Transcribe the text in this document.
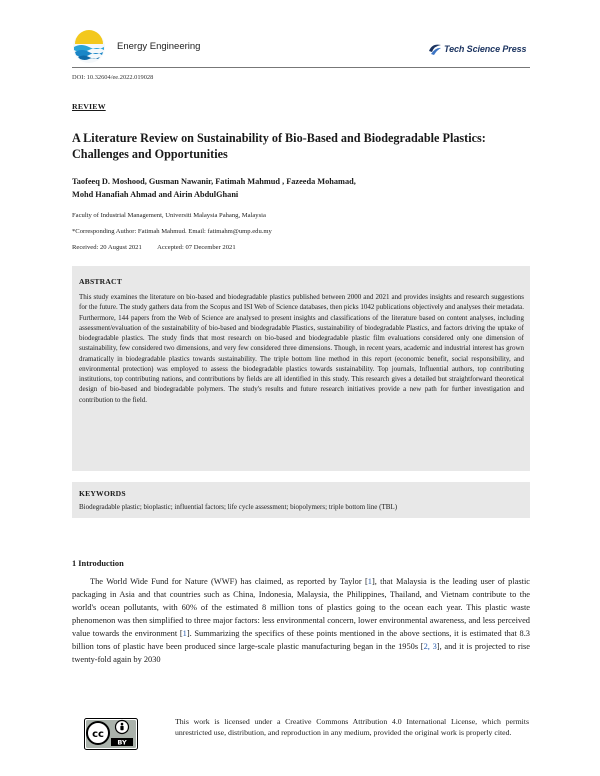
Energy Engineering	Tech Science Press
DOI: 10.32604/ee.2022.019028
REVIEW
A Literature Review on Sustainability of Bio-Based and Biodegradable Plastics: Challenges and Opportunities
Taofeeq D. Moshood, Gusman Nawanir, Fatimah Mahmud , Fazeeda Mohamad,
Mohd Hanafiah Ahmad and Airin AbdulGhani
Faculty of Industrial Management, Universiti Malaysia Pahang, Malaysia
*Corresponding Author: Fatimah Mahmud. Email: fatimahm@ump.edu.my
Received: 20 August 2021 Accepted: 07 December 2021
ABSTRACT
This study examines the literature on bio-based and biodegradable plastics published between 2000 and 2021 and provides insights and research suggestions for the future. The study gathers data from the Scopus and ISI Web of Science databases, then picks 1042 publications objectively and analyses their metadata. Furthermore, 144 papers from the Web of Science are analysed to present insights and classifications of the literature based on content analyses, including assessment/evaluation of the sustainability of bio-based and biodegradable Plastics, sustainability of biodegradable Plastics, and factors driving the uptake of biodegradable plastics. The study finds that most research on bio-based and biodegradable plastic film evaluations considered only one dimension of sustainability, few considered two dimensions, and very few considered three dimensions. Though, in recent years, academic and industrial interest has grown dramatically in biodegradable plastics towards sustainability. The triple bottom line method in this report (economic benefit, social responsibility, and environmental protection) was employed to assess the biodegradable plastics towards sustainability. Top journals, Influential authors, top contributing institutions, top contributing nations, and contributions by fields are all identified in this study. This research gives a detailed but straightforward theoretical design of bio-based and biodegradable polymers. The study's results and future research initiatives provide a new path for further investigation and contribution to the field.
KEYWORDS
Biodegradable plastic; bioplastic; influential factors; life cycle assessment; biopolymers; triple bottom line (TBL)
1 Introduction

The World Wide Fund for Nature (WWF) has claimed, as reported by Taylor [1], that Malaysia is the leading user of plastic packaging in Asia and that countries such as China, Indonesia, Malaysia, the Philippines, Thailand, and Vietnam contribute to the world's ocean pollutants, with 60% of the estimated 8 million tons of plastics going to the ocean each year. This plastic waste phenomenon was then simplified to three major factors: less environmental concern, lower environmental awareness, and less perceived value towards the environment [1]. Summarizing the specifics of these points mentioned in the above sections, it is estimated that 8.3 billion tons of plastic have been produced since large-scale plastic manufacturing began in the 1950s [2, 3], and it is projected to rise twenty-fold again by 2030

cc
BY
This work is licensed under a Creative Commons Attribution 4.0 International License, which permits unrestricted use, distribution, and reproduction in any medium, provided the original work is properly cited.
